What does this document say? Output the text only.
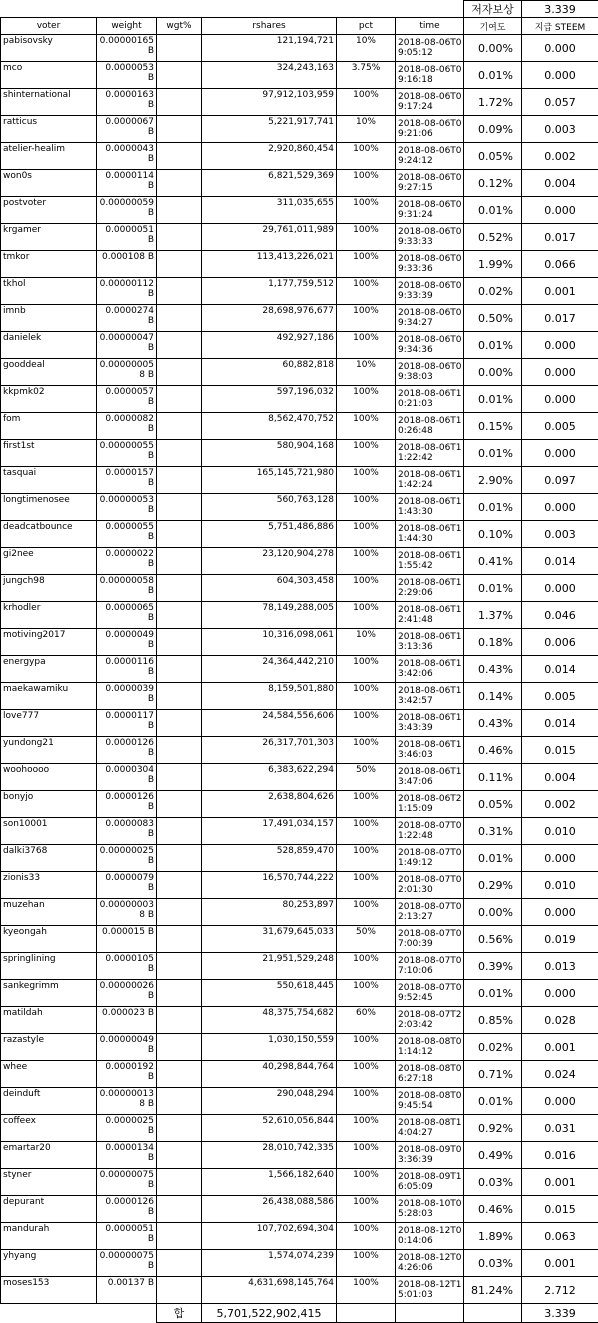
						저자보상	3.339
voter	weight	wgt%	rshares	pct	time	기여도	지급 STEEM
pabisovsky	0.00000165 B		121,194,721	10%	2018-08-06T09:05:12	0.00%	0.000
mco	0.0000053 B		324,243,163	3.75%	2018-08-06T09:16:18	0.01%	0.000
shinternational	0.0000163 B		97,912,103,959	100%	2018-08-06T09:17:24	1.72%	0.057
ratticus	0.0000067 B		5,221,917,741	10%	2018-08-06T09:21:06	0.09%	0.003
atelier-healim	0.0000043 B		2,920,860,454	100%	2018-08-06T09:24:12	0.05%	0.002
won0s	0.0000114 B		6,821,529,369	100%	2018-08-06T09:27:15	0.12%	0.004
postvoter	0.00000059 B		311,035,655	100%	2018-08-06T09:31:24	0.01%	0.000
krgamer	0.0000051 B		29,761,011,989	100%	2018-08-06T09:33:33	0.52%	0.017
tmkor	0.000108 B		113,413,226,021	100%	2018-08-06T09:33:36	1.99%	0.066
tkhol	0.00000112 B		1,177,759,512	100%	2018-08-06T09:33:39	0.02%	0.001
imnb	0.0000274 B		28,698,976,677	100%	2018-08-06T09:34:27	0.50%	0.017
danielek	0.00000047 B		492,927,186	100%	2018-08-06T09:34:36	0.01%	0.000
gooddeal	0.000000058 B		60,882,818	10%	2018-08-06T09:38:03	0.00%	0.000
kkpmk02	0.0000057 B		597,196,032	100%	2018-08-06T10:21:03	0.01%	0.000
fom	0.0000082 B		8,562,470,752	100%	2018-08-06T10:26:48	0.15%	0.005
first1st	0.00000055 B		580,904,168	100%	2018-08-06T11:22:42	0.01%	0.000
tasquai	0.0000157 B		165,145,721,980	100%	2018-08-06T11:42:24	2.90%	0.097
longtimenosee	0.00000053 B		560,763,128	100%	2018-08-06T11:43:30	0.01%	0.000
deadcatbounce	0.0000055 B		5,751,486,886	100%	2018-08-06T11:44:30	0.10%	0.003
gi2nee	0.0000022 B		23,120,904,278	100%	2018-08-06T11:55:42	0.41%	0.014
jungch98	0.00000058 B		604,303,458	100%	2018-08-06T12:29:06	0.01%	0.000
krhodler	0.0000065 B		78,149,288,005	100%	2018-08-06T12:41:48	1.37%	0.046
motiving2017	0.0000049 B		10,316,098,061	10%	2018-08-06T13:13:36	0.18%	0.006
energypa	0.0000116 B		24,364,442,210	100%	2018-08-06T13:42:06	0.43%	0.014
maekawamiku	0.0000039 B		8,159,501,880	100%	2018-08-06T13:42:57	0.14%	0.005
love777	0.0000117 B		24,584,556,606	100%	2018-08-06T13:43:39	0.43%	0.014
yundong21	0.0000126 B		26,317,701,303	100%	2018-08-06T13:46:03	0.46%	0.015
woohoooo	0.0000304 B		6,383,622,294	50%	2018-08-06T13:47:06	0.11%	0.004
bonyjo	0.0000126 B		2,638,804,626	100%	2018-08-06T21:15:09	0.05%	0.002
son10001	0.0000083 B		17,491,034,157	100%	2018-08-07T01:22:48	0.31%	0.010
dalki3768	0.00000025 B		528,859,470	100%	2018-08-07T01:49:12	0.01%	0.000
zionis33	0.0000079 B		16,570,744,222	100%	2018-08-07T02:01:30	0.29%	0.010
muzehan	0.000000038 B		80,253,897	100%	2018-08-07T02:13:27	0.00%	0.000
kyeongah	0.000015 B		31,679,645,033	50%	2018-08-07T07:00:39	0.56%	0.019
springlining	0.0000105 B		21,951,529,248	100%	2018-08-07T07:10:06	0.39%	0.013
sankegrimm	0.00000026 B		550,618,445	100%	2018-08-07T09:52:45	0.01%	0.000
matildah	0.000023 B		48,375,754,682	60%	2018-08-07T22:03:42	0.85%	0.028
razastyle	0.00000049 B		1,030,150,559	100%	2018-08-08T01:14:12	0.02%	0.001
whee	0.0000192 B		40,298,844,764	100%	2018-08-08T06:27:18	0.71%	0.024
deinduft	0.000000138 B		290,048,294	100%	2018-08-08T09:45:54	0.01%	0.000
coffeex	0.0000025 B		52,610,056,844	100%	2018-08-08T14:04:27	0.92%	0.031
emartar20	0.0000134 B		28,010,742,335	100%	2018-08-09T03:36:39	0.49%	0.016
styner	0.00000075 B		1,566,182,640	100%	2018-08-09T16:05:09	0.03%	0.001
depurant	0.0000126 B		26,438,088,586	100%	2018-08-10T05:28:03	0.46%	0.015
mandurah	0.0000051 B		107,702,694,304	100%	2018-08-12T00:14:06	1.89%	0.063
yhyang	0.00000075 B		1,574,074,239	100%	2018-08-12T04:26:06	0.03%	0.001
moses153	0.00137 B		4,631,698,145,764	100%	2018-08-12T15:01:03	81.24%	2.712
		합	5,701,522,902,415				3.339
